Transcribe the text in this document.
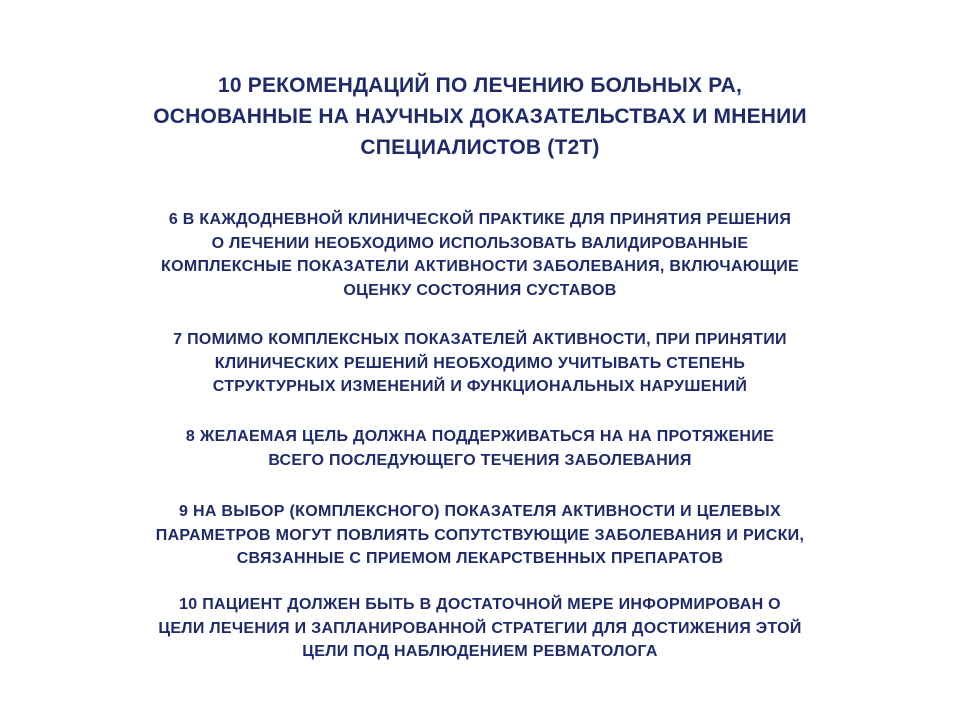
10 РЕКОМЕНДАЦИЙ ПО ЛЕЧЕНИЮ БОЛЬНЫХ РА,
ОСНОВАННЫЕ НА НАУЧНЫХ ДОКАЗАТЕЛЬСТВАХ И МНЕНИИ
СПЕЦИАЛИСТОВ (T2T)
6 В КАЖДОДНЕВНОЙ КЛИНИЧЕСКОЙ ПРАКТИКЕ ДЛЯ ПРИНЯТИЯ РЕШЕНИЯ
О ЛЕЧЕНИИ НЕОБХОДИМО ИСПОЛЬЗОВАТЬ ВАЛИДИРОВАННЫЕ
КОМПЛЕКСНЫЕ ПОКАЗАТЕЛИ АКТИВНОСТИ ЗАБОЛЕВАНИЯ, ВКЛЮЧАЮЩИЕ
ОЦЕНКУ СОСТОЯНИЯ СУСТАВОВ
7 ПОМИМО КОМПЛЕКСНЫХ ПОКАЗАТЕЛЕЙ АКТИВНОСТИ, ПРИ ПРИНЯТИИ
КЛИНИЧЕСКИХ РЕШЕНИЙ НЕОБХОДИМО УЧИТЫВАТЬ СТЕПЕНЬ
СТРУКТУРНЫХ ИЗМЕНЕНИЙ И ФУНКЦИОНАЛЬНЫХ НАРУШЕНИЙ
8 ЖЕЛАЕМАЯ ЦЕЛЬ ДОЛЖНА ПОДДЕРЖИВАТЬСЯ НА НА ПРОТЯЖЕНИЕ
ВСЕГО ПОСЛЕДУЮЩЕГО ТЕЧЕНИЯ ЗАБОЛЕВАНИЯ
9 НА ВЫБОР (КОМПЛЕКСНОГО) ПОКАЗАТЕЛЯ АКТИВНОСТИ И ЦЕЛЕВЫХ
ПАРАМЕТРОВ МОГУТ ПОВЛИЯТЬ СОПУТСТВУЮЩИЕ ЗАБОЛЕВАНИЯ И РИСКИ,
СВЯЗАННЫЕ С ПРИЕМОМ ЛЕКАРСТВЕННЫХ ПРЕПАРАТОВ
10 ПАЦИЕНТ ДОЛЖЕН БЫТЬ В ДОСТАТОЧНОЙ МЕРЕ ИНФОРМИРОВАН О
ЦЕЛИ ЛЕЧЕНИЯ И ЗАПЛАНИРОВАННОЙ СТРАТЕГИИ ДЛЯ ДОСТИЖЕНИЯ ЭТОЙ
ЦЕЛИ ПОД НАБЛЮДЕНИЕМ РЕВМАТОЛОГА
